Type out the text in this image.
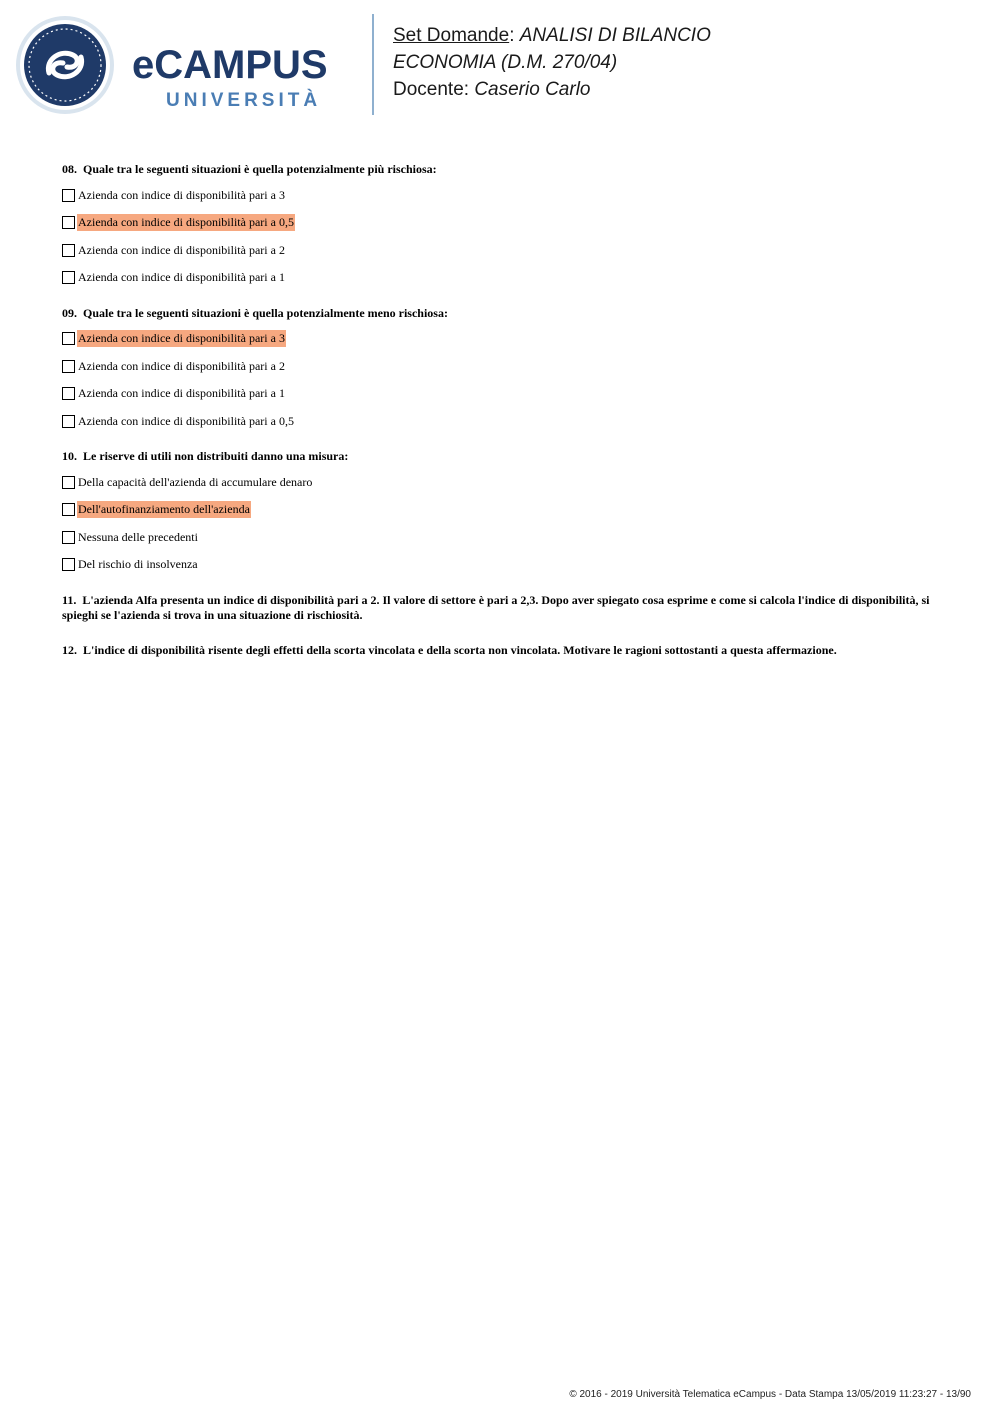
eCAMPUS
UNIVERSITÀ
Set Domande: ANALISI DI BILANCIO
ECONOMIA (D.M. 270/04)
Docente: Caserio Carlo
08. Quale tra le seguenti situazioni è quella potenzialmente più rischiosa:
Azienda con indice di disponibilità pari a 3
Azienda con indice di disponibilità pari a 0,5
Azienda con indice di disponibilità pari a 2
Azienda con indice di disponibilità pari a 1
09. Quale tra le seguenti situazioni è quella potenzialmente meno rischiosa:
Azienda con indice di disponibilità pari a 3
Azienda con indice di disponibilità pari a 2
Azienda con indice di disponibilità pari a 1
Azienda con indice di disponibilità pari a 0,5
10. Le riserve di utili non distribuiti danno una misura:
Della capacità dell'azienda di accumulare denaro
Dell'autofinanziamento dell'azienda
Nessuna delle precedenti
Del rischio di insolvenza
11. L'azienda Alfa presenta un indice di disponibilità pari a 2. Il valore di settore è pari a 2,3. Dopo aver spiegato cosa esprime e come si calcola l'indice di disponibilità, si spieghi se l'azienda si trova in una situazione di rischiosità.
12. L'indice di disponibilità risente degli effetti della scorta vincolata e della scorta non vincolata. Motivare le ragioni sottostanti a questa affermazione.
© 2016 - 2019 Università Telematica eCampus - Data Stampa 13/05/2019 11:23:27 - 13/90
